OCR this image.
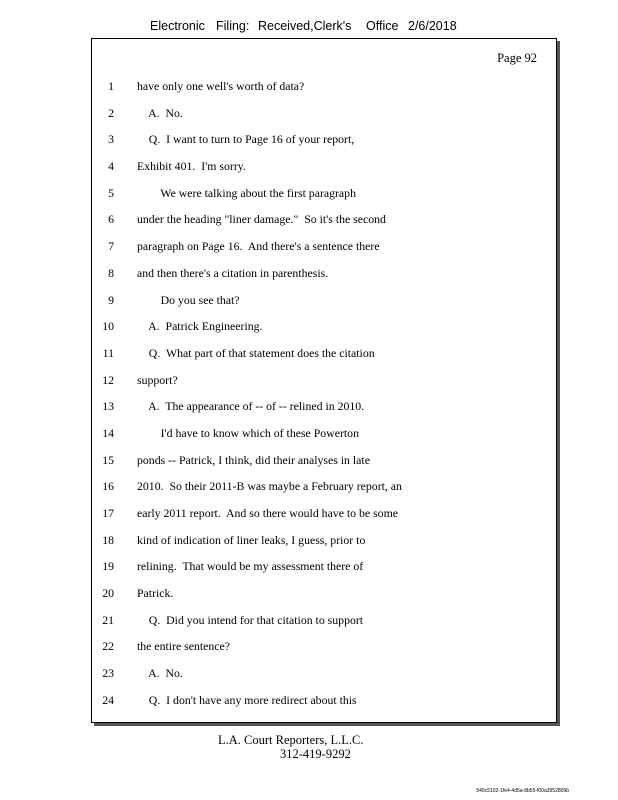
Electronic Filing: Received,Clerk's Office 2/6/2018
Page 92
1 have only one well's worth of data?
2 A.  No.
3 Q.  I want to turn to Page 16 of your report,
4 Exhibit 401.  I'm sorry.
5 We were talking about the first paragraph
6 under the heading "liner damage."  So it's the second
7 paragraph on Page 16.  And there's a sentence there
8 and then there's a citation in parenthesis.
9 Do you see that?
10 A.  Patrick Engineering.
11 Q.  What part of that statement does the citation
12 support?
13 A.  The appearance of -- of -- relined in 2010.
14 I'd have to know which of these Powerton
15 ponds -- Patrick, I think, did their analyses in late
16 2010.  So their 2011-B was maybe a February report, an
17 early 2011 report.  And so there would have to be some
18 kind of indication of liner leaks, I guess, prior to
19 relining.  That would be my assessment there of
20 Patrick.
21 Q.  Did you intend for that citation to support
22 the entire sentence?
23 A.  No.
24 Q.  I don't have any more redirect about this
L.A. Court Reporters, L.L.C.
312-419-9292
546c5102-1fe4-4d5a-8b55-f00a3952809b
